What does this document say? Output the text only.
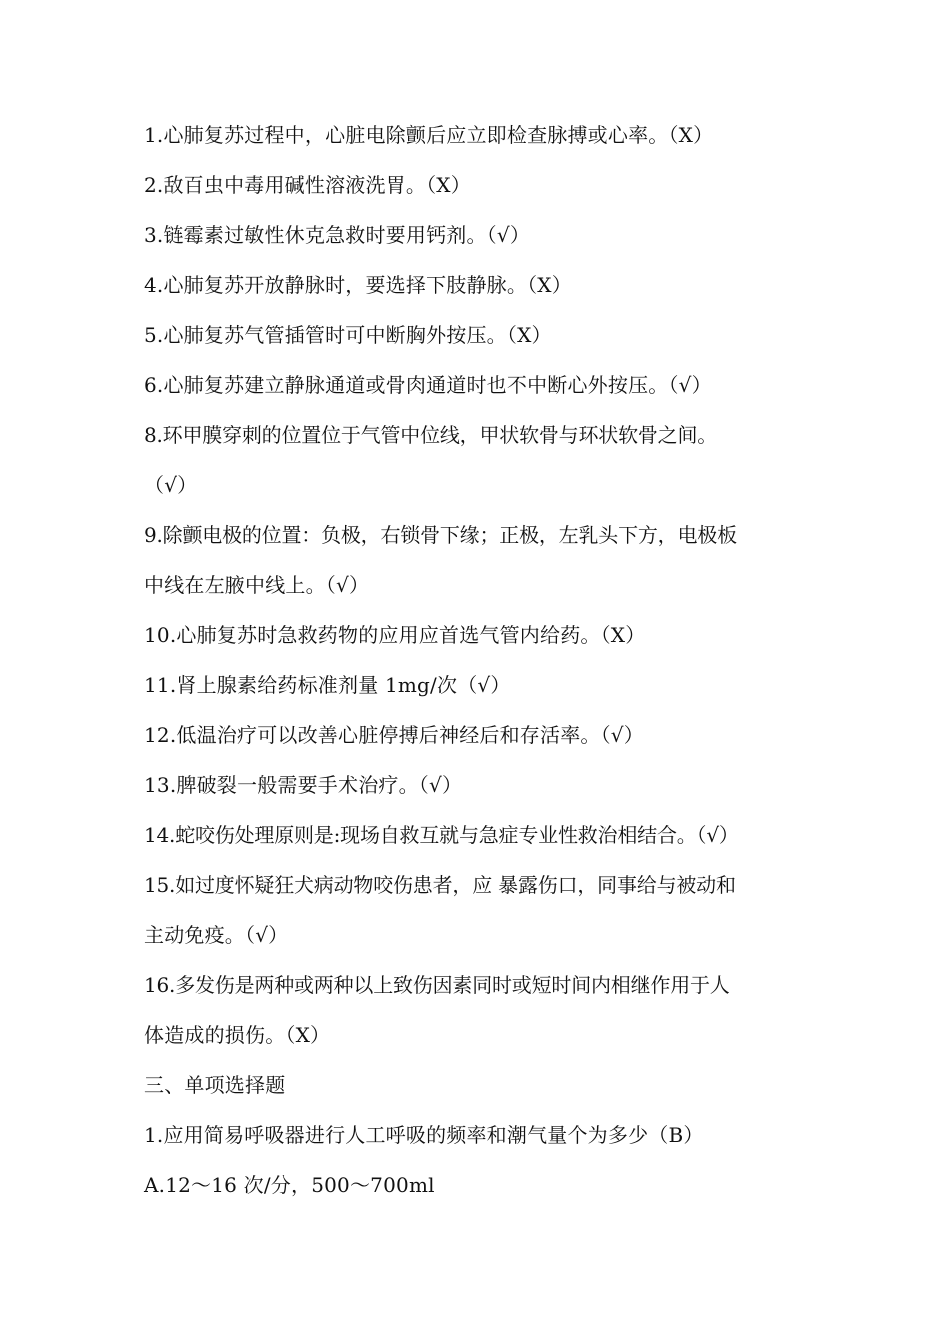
1.心肺复苏过程中，心脏电除颤后应立即检查脉搏或心率。（X）
2.敌百虫中毒用碱性溶液洗胃。（X）
3.链霉素过敏性休克急救时要用钙剂。（√）
4.心肺复苏开放静脉时，要选择下肢静脉。（X）
5.心肺复苏气管插管时可中断胸外按压。（X）
6.心肺复苏建立静脉通道或骨肉通道时也不中断心外按压。（√）
8.环甲膜穿刺的位置位于气管中位线，甲状软骨与环状软骨之间。
（√）
9.除颤电极的位置：负极，右锁骨下缘；正极，左乳头下方，电极板
中线在左腋中线上。（√）
10.心肺复苏时急救药物的应用应首选气管内给药。（X）
11.肾上腺素给药标准剂量 1mg/次（√）
12.低温治疗可以改善心脏停搏后神经后和存活率。（√）
13.脾破裂一般需要手术治疗。（√）
14.蛇咬伤处理原则是:现场自救互就与急症专业性救治相结合。（√）
15.如过度怀疑狂犬病动物咬伤患者，应 暴露伤口，同事给与被动和
主动免疫。（√）
16.多发伤是两种或两种以上致伤因素同时或短时间内相继作用于人
体造成的损伤。（X）
三、单项选择题
1.应用简易呼吸器进行人工呼吸的频率和潮气量个为多少（B）
A.12～16 次/分，500～700ml
